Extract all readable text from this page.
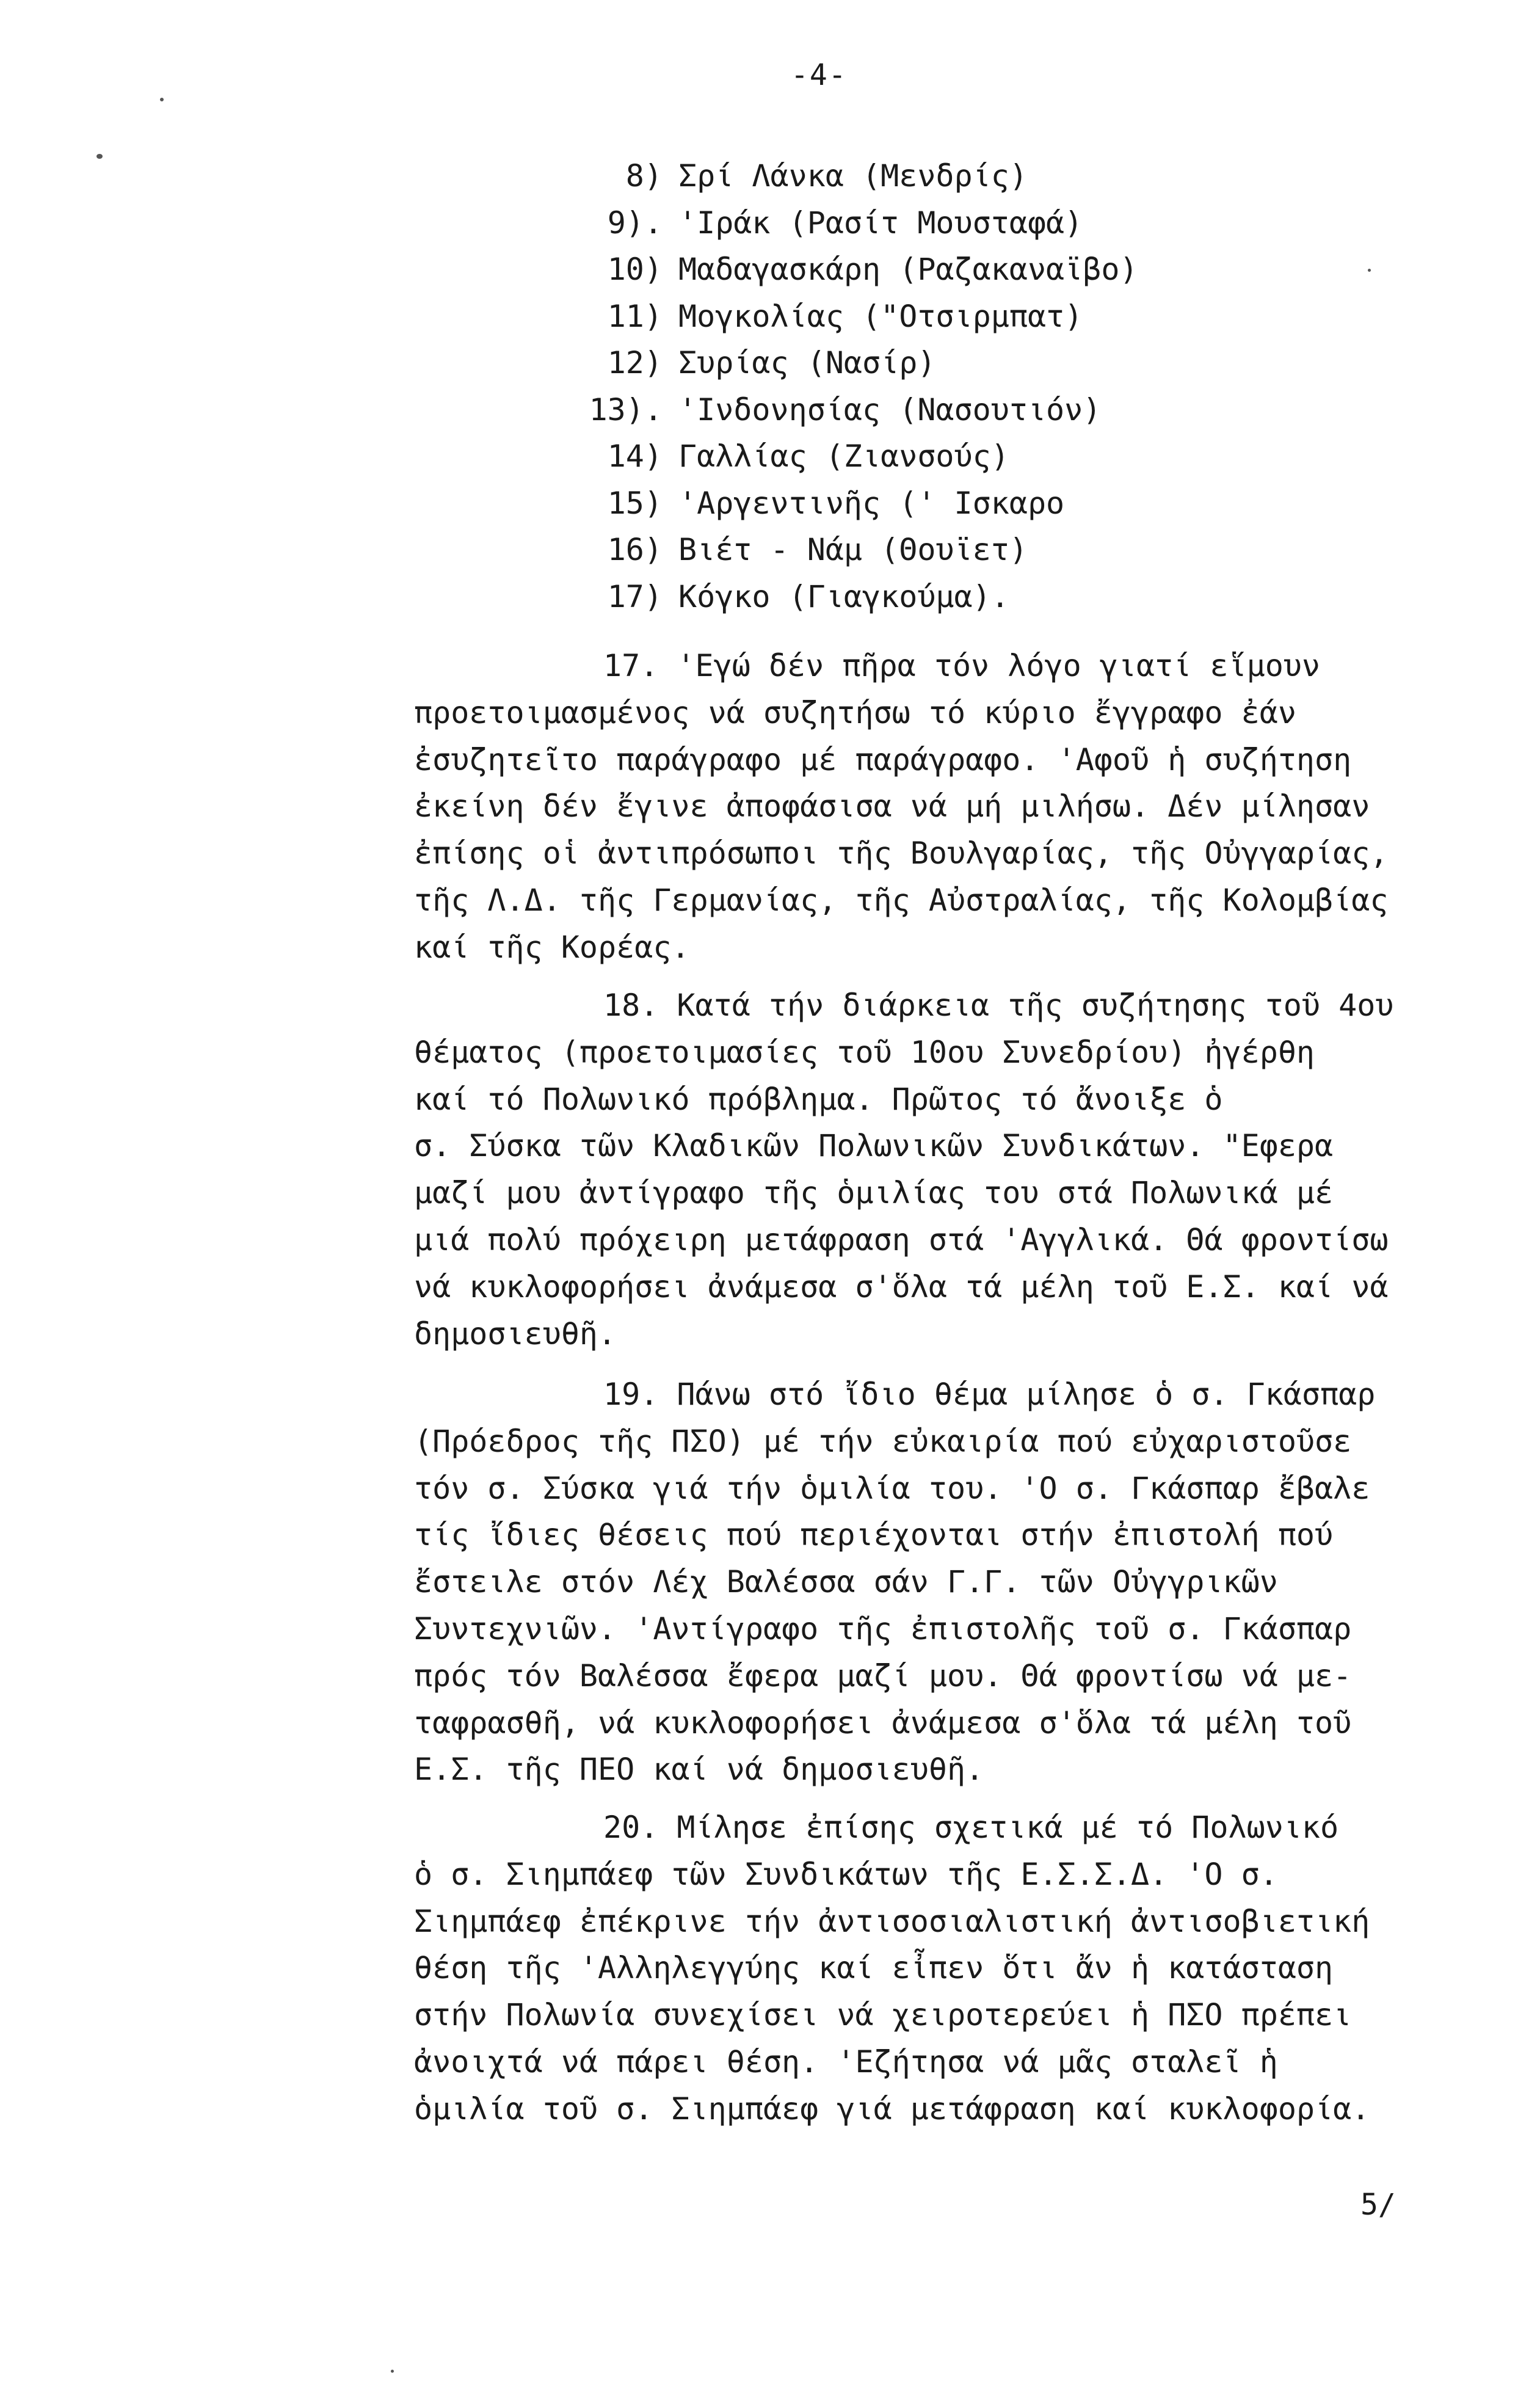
-4-
8) Σρί Λάνκα (Μενδρίς)
9). 'Ιράκ (Ρασίτ Μουσταφά)
10) Μαδαγασκάρη (Ραζακαναϊβο)
11) Μογκολίας ("Οτσιρμπατ)
12) Συρίας (Νασίρ)
13). 'Ινδονησίας (Νασουτιόν)
14) Γαλλίας (Ζιανσούς)
15) 'Αργεντινῆς (' Ισκαρο
16) Βιέτ - Νάμ (Θουϊετ)
17) Κόγκο (Γιαγκούμα).
17. 'Εγώ δέν πῆρα τόν λόγο γιατί εἵμουν
προετοιμασμένος νά συζητήσω τό κύριο ἔγγραφο ἐάν
ἐσυζητεῖτο παράγραφο μέ παράγραφο. 'Αφοῦ ἡ συζήτηση
ἐκείνη δέν ἔγινε ἀποφάσισα νά μή μιλήσω. Δέν μίλησαν
ἐπίσης οἱ ἀντιπρόσωποι τῆς Βουλγαρίας, τῆς Οὐγγαρίας,
τῆς Λ.Δ. τῆς Γερμανίας, τῆς Αὐστραλίας, τῆς Κολομβίας
καί τῆς Κορέας.
18. Κατά τήν διάρκεια τῆς συζήτησης τοῦ 4ου
θέματος (προετοιμασίες τοῦ 10ου Συνεδρίου) ἠγέρθη
καί τό Πολωνικό πρόβλημα. Πρῶτος τό ἄνοιξε ὁ
σ. Σύσκα τῶν Κλαδικῶν Πολωνικῶν Συνδικάτων. "Εφερα
μαζί μου ἀντίγραφο τῆς ὁμιλίας του στά Πολωνικά μέ
μιά πολύ πρόχειρη μετάφραση στά 'Αγγλικά. Θά φροντίσω
νά κυκλοφορήσει ἀνάμεσα σ'ὅλα τά μέλη τοῦ Ε.Σ. καί νά
δημοσιευθῆ.
19. Πάνω στό ἴδιο θέμα μίλησε ὁ σ. Γκάσπαρ
(Πρόεδρος τῆς ΠΣΟ) μέ τήν εὐκαιρία πού εὐχαριστοῦσε
τόν σ. Σύσκα γιά τήν ὁμιλία του. 'Ο σ. Γκάσπαρ ἔβαλε
τίς ἴδιες θέσεις πού περιέχονται στήν ἐπιστολή πού
ἔστειλε στόν Λέχ Βαλέσσα σάν Γ.Γ. τῶν Οὐγγρικῶν
Συντεχνιῶν. 'Αντίγραφο τῆς ἐπιστολῆς τοῦ σ. Γκάσπαρ
πρός τόν Βαλέσσα ἔφερα μαζί μου. Θά φροντίσω νά με-
ταφρασθῆ, νά κυκλοφορήσει ἀνάμεσα σ'ὅλα τά μέλη τοῦ
Ε.Σ. τῆς ΠΕΟ καί νά δημοσιευθῆ.
20. Μίλησε ἐπίσης σχετικά μέ τό Πολωνικό
ὁ σ. Σιημπάεφ τῶν Συνδικάτων τῆς Ε.Σ.Σ.Δ. 'Ο σ.
Σιημπάεφ ἐπέκρινε τήν ἀντισοσιαλιστική ἀντισοβιετική
θέση τῆς 'Αλληλεγγύης καί εἶπεν ὅτι ἄν ἡ κατάσταση
στήν Πολωνία συνεχίσει νά χειροτερεύει ἡ ΠΣΟ πρέπει
ἀνοιχτά νά πάρει θέση. 'Εζήτησα νά μᾶς σταλεῖ ἡ
ὁμιλία τοῦ σ. Σιημπάεφ γιά μετάφραση καί κυκλοφορία.
5/
